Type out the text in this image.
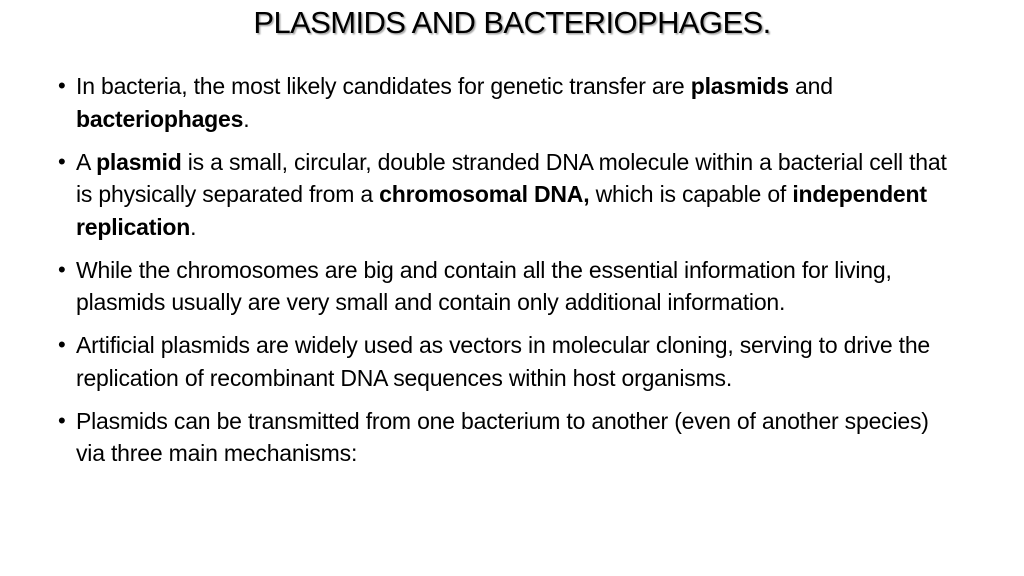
PLASMIDS AND BACTERIOPHAGES.
• In bacteria, the most likely candidates for genetic transfer are plasmids and bacteriophages.
• A plasmid is a small, circular, double stranded DNA molecule within a bacterial cell that is physically separated from a chromosomal DNA, which is capable of independent replication.
• While the chromosomes are big and contain all the essential information for living, plasmids usually are very small and contain only additional information.
• Artificial plasmids are widely used as vectors in molecular cloning, serving to drive the replication of recombinant DNA sequences within host organisms.
• Plasmids can be transmitted from one bacterium to another (even of another species) via three main mechanisms:
